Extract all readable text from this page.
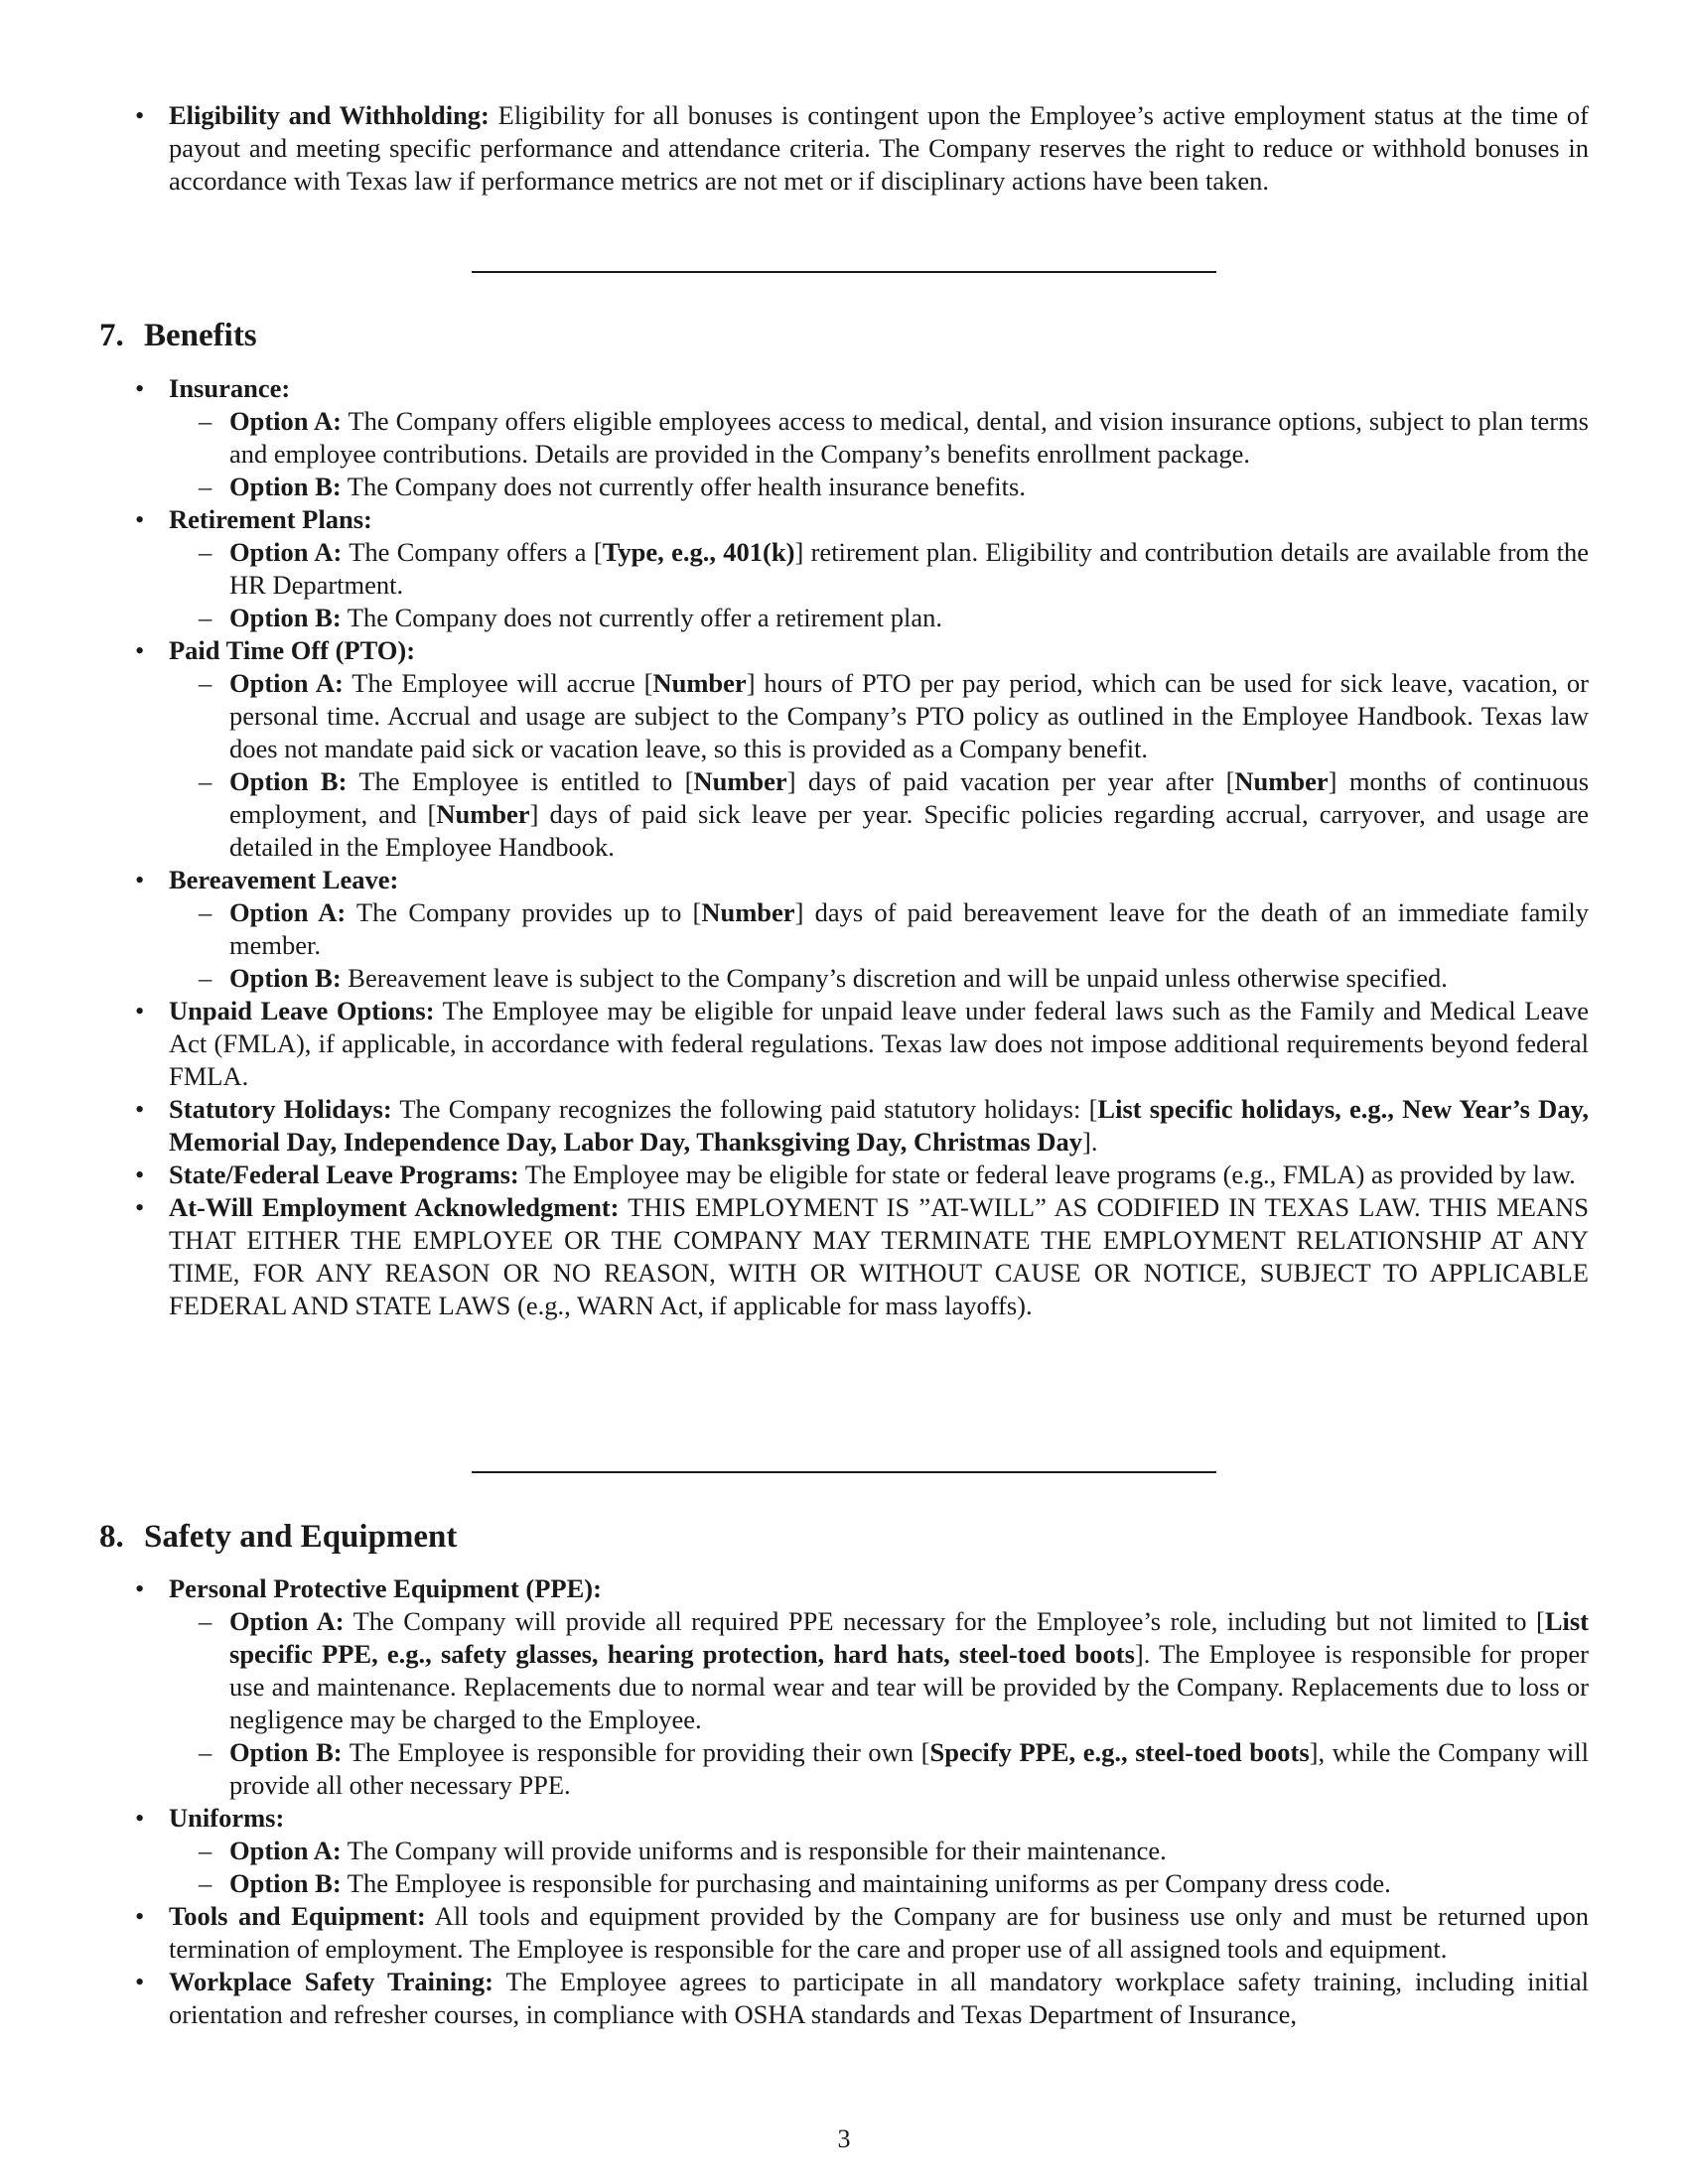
• Eligibility and Withholding: Eligibility for all bonuses is contingent upon the Employee’s active employment status at the time of payout and meeting specific performance and attendance criteria. The Company reserves the right to reduce or withhold bonuses in accordance with Texas law if performance metrics are not met or if disciplinary actions have been taken.
7. Benefits
• Insurance:
– Option A: The Company offers eligible employees access to medical, dental, and vision insurance options, subject to plan terms and employee contributions. Details are provided in the Company’s benefits enrollment package.
– Option B: The Company does not currently offer health insurance benefits.
• Retirement Plans:
– Option A: The Company offers a [Type, e.g., 401(k)] retirement plan. Eligibility and contribution details are available from the HR Department.
– Option B: The Company does not currently offer a retirement plan.
• Paid Time Off (PTO):
– Option A: The Employee will accrue [Number] hours of PTO per pay period, which can be used for sick leave, vacation, or personal time. Accrual and usage are subject to the Company’s PTO policy as outlined in the Employee Handbook. Texas law does not mandate paid sick or vacation leave, so this is provided as a Company benefit.
– Option B: The Employee is entitled to [Number] days of paid vacation per year after [Number] months of continuous employment, and [Number] days of paid sick leave per year. Specific policies regarding accrual, carryover, and usage are detailed in the Employee Handbook.
• Bereavement Leave:
– Option A: The Company provides up to [Number] days of paid bereavement leave for the death of an immediate family member.
– Option B: Bereavement leave is subject to the Company’s discretion and will be unpaid unless otherwise specified.
• Unpaid Leave Options: The Employee may be eligible for unpaid leave under federal laws such as the Family and Medical Leave Act (FMLA), if applicable, in accordance with federal regulations. Texas law does not impose additional requirements beyond federal FMLA.
• Statutory Holidays: The Company recognizes the following paid statutory holidays: [List specific holidays, e.g., New Year’s Day, Memorial Day, Independence Day, Labor Day, Thanksgiving Day, Christmas Day].
• State/Federal Leave Programs: The Employee may be eligible for state or federal leave programs (e.g., FMLA) as provided by law.
• At-Will Employment Acknowledgment: THIS EMPLOYMENT IS ”AT-WILL” AS CODIFIED IN TEXAS LAW. THIS MEANS THAT EITHER THE EMPLOYEE OR THE COMPANY MAY TERMINATE THE EMPLOYMENT RELATIONSHIP AT ANY TIME, FOR ANY REASON OR NO REASON, WITH OR WITHOUT CAUSE OR NOTICE, SUBJECT TO APPLICABLE FEDERAL AND STATE LAWS (e.g., WARN Act, if applicable for mass layoffs).
8. Safety and Equipment
• Personal Protective Equipment (PPE):
– Option A: The Company will provide all required PPE necessary for the Employee’s role, including but not limited to [List specific PPE, e.g., safety glasses, hearing protection, hard hats, steel-toed boots]. The Employee is responsible for proper use and maintenance. Replacements due to normal wear and tear will be provided by the Company. Replacements due to loss or negligence may be charged to the Employee.
– Option B: The Employee is responsible for providing their own [Specify PPE, e.g., steel-toed boots], while the Company will provide all other necessary PPE.
• Uniforms:
– Option A: The Company will provide uniforms and is responsible for their maintenance.
– Option B: The Employee is responsible for purchasing and maintaining uniforms as per Company dress code.
• Tools and Equipment: All tools and equipment provided by the Company are for business use only and must be returned upon termination of employment. The Employee is responsible for the care and proper use of all assigned tools and equipment.
• Workplace Safety Training: The Employee agrees to participate in all mandatory workplace safety training, including initial orientation and refresher courses, in compliance with OSHA standards and Texas Department of Insurance,
3
